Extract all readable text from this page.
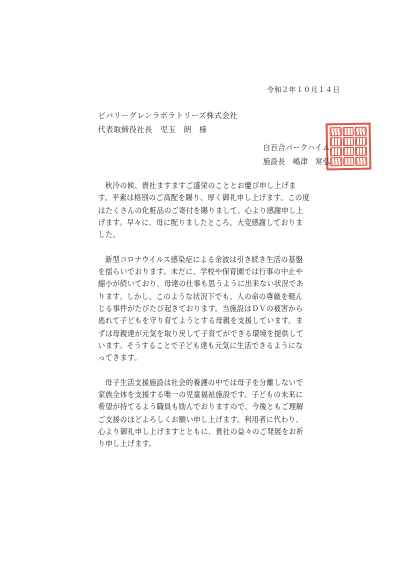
令和２年１０月１４日
ビバリーグレンラボラトリーズ株式会社
代表取締役社長　児玉　朗　様
白百合パークハイム
施設長　嶋津　常弘

秋冷の候、貴社ますますご盛栄のこととお慶び申し上げます。平素は格別のご高配を賜り、厚く御礼申し上げます。この度はたくさんの化粧品のご寄付を賜りまして、心より感謝申し上げます。早々に、母に配りましたところ、大変感謝しておりました。

新型コロナウイルス感染症による余波は引き続き生活の基盤を揺らいでおります。未だに、学校や保育園では行事の中止や縮小が続いており、母達の仕事も思うように出来ない状況であります。しかし、このような状況下でも、人の命の尊厳を軽んじる事件がたびたび起きております。当施設はＤＶの被害から逃れて子どもを守り育てようとする母親を支援しています。まずは母親達が元気を取り戻して子育てができる環境を提供しています。そうすることで子ども達も元気に生活できるようになってきます。

母子生活支援施設は社会的養護の中では母子を分離しないで家族全体を支援する唯一の児童福祉施設です。子どもの未来に希望が持てるよう職員も励んでおりますので、今後ともご理解ご支援のほどよろしくお願い申し上げます。利用者に代わり、心より御礼申し上げますとともに、貴社の益々のご発展をお祈り申し上げます。
